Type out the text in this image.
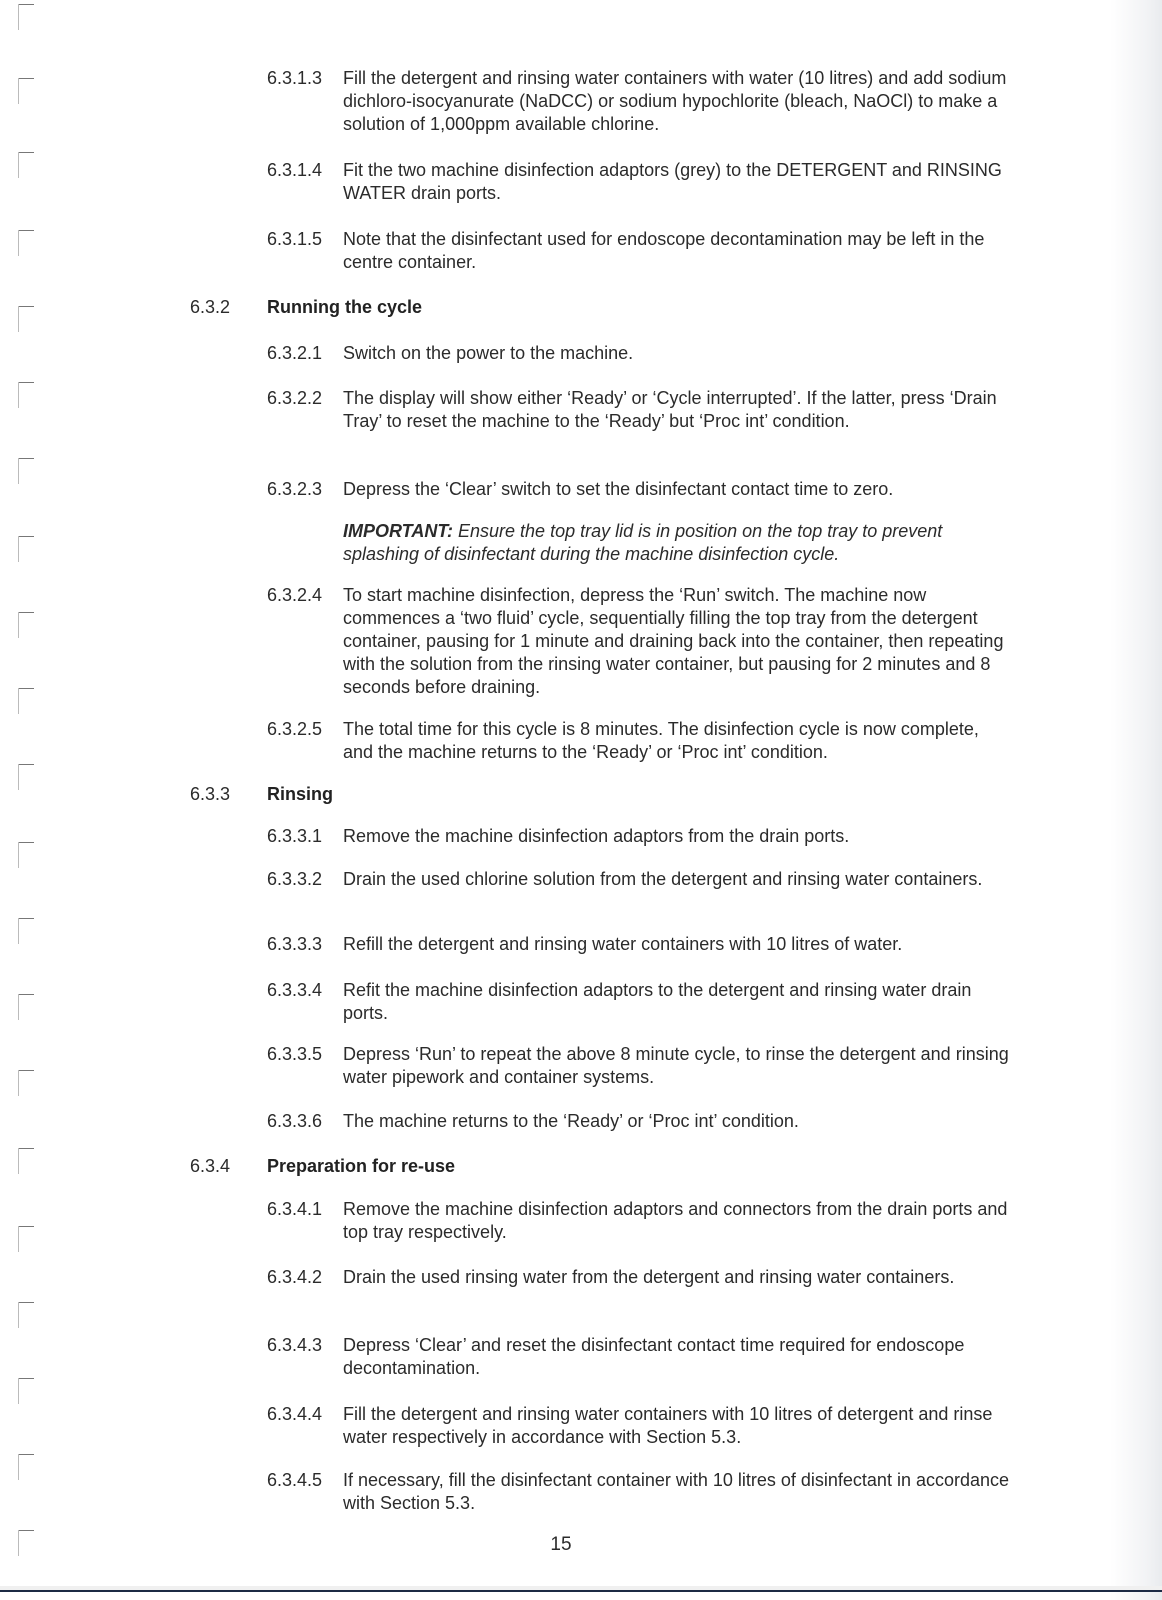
6.3.1.3 Fill the detergent and rinsing water containers with water (10 litres) and add sodium dichloro-isocyanurate (NaDCC) or sodium hypochlorite (bleach, NaOCl) to make a solution of 1,000ppm available chlorine.
6.3.1.4 Fit the two machine disinfection adaptors (grey) to the DETERGENT and RINSING WATER drain ports.
6.3.1.5 Note that the disinfectant used for endoscope decontamination may be left in the centre container.
6.3.2 Running the cycle
6.3.2.1 Switch on the power to the machine.
6.3.2.2 The display will show either ‘Ready’ or ‘Cycle interrupted’. If the latter, press ‘Drain Tray’ to reset the machine to the ‘Ready’ but ‘Proc int’ condition.
6.3.2.3 Depress the ‘Clear’ switch to set the disinfectant contact time to zero.
IMPORTANT: Ensure the top tray lid is in position on the top tray to prevent splashing of disinfectant during the machine disinfection cycle.
6.3.2.4 To start machine disinfection, depress the ‘Run’ switch. The machine now commences a ‘two fluid’ cycle, sequentially filling the top tray from the detergent container, pausing for 1 minute and draining back into the container, then repeating with the solution from the rinsing water container, but pausing for 2 minutes and 8 seconds before draining.
6.3.2.5 The total time for this cycle is 8 minutes. The disinfection cycle is now complete, and the machine returns to the ‘Ready’ or ‘Proc int’ condition.
6.3.3 Rinsing
6.3.3.1 Remove the machine disinfection adaptors from the drain ports.
6.3.3.2 Drain the used chlorine solution from the detergent and rinsing water containers.
6.3.3.3 Refill the detergent and rinsing water containers with 10 litres of water.
6.3.3.4 Refit the machine disinfection adaptors to the detergent and rinsing water drain ports.
6.3.3.5 Depress ‘Run’ to repeat the above 8 minute cycle, to rinse the detergent and rinsing water pipework and container systems.
6.3.3.6 The machine returns to the ‘Ready’ or ‘Proc int’ condition.
6.3.4 Preparation for re-use
6.3.4.1 Remove the machine disinfection adaptors and connectors from the drain ports and top tray respectively.
6.3.4.2 Drain the used rinsing water from the detergent and rinsing water containers.
6.3.4.3 Depress ‘Clear’ and reset the disinfectant contact time required for endoscope decontamination.
6.3.4.4 Fill the detergent and rinsing water containers with 10 litres of detergent and rinse water respectively in accordance with Section 5.3.
6.3.4.5 If necessary, fill the disinfectant container with 10 litres of disinfectant in accordance with Section 5.3.
15
